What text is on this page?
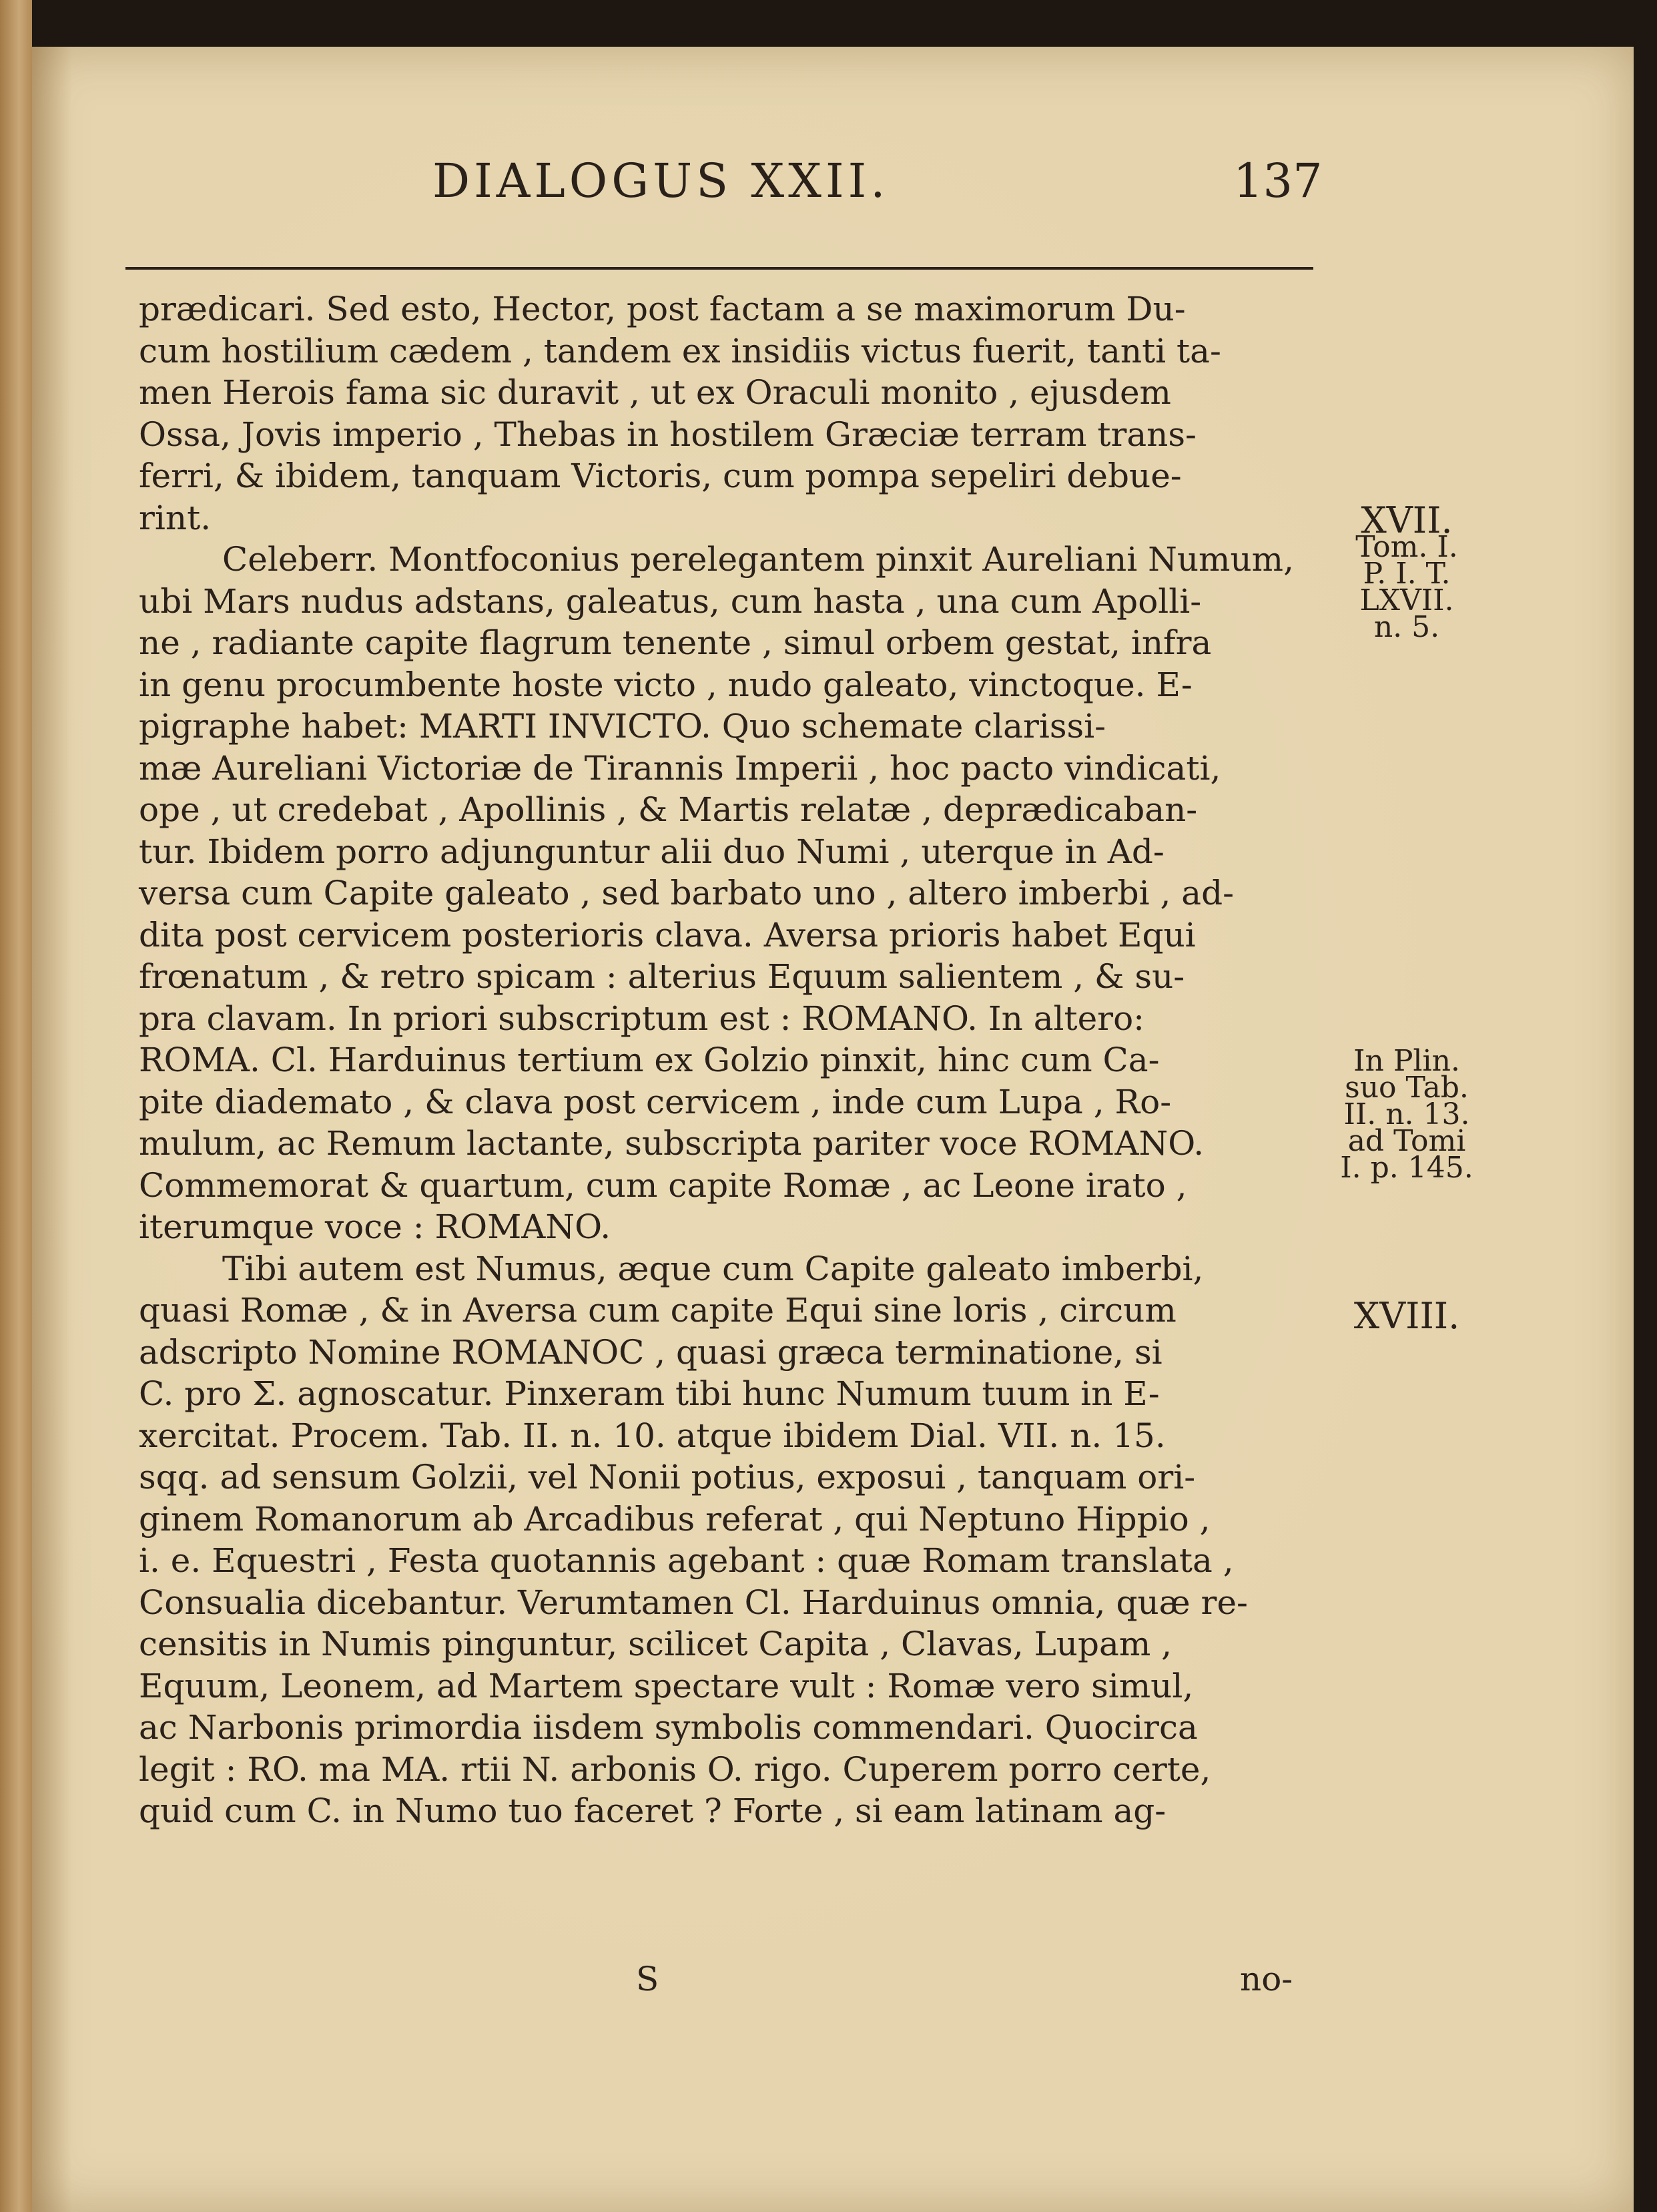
DIALOGUS XXII.	137
prædicari. Sed esto, Hector, post factam a se maximorum Du-
cum hostilium cædem , tandem ex insidiis victus fuerit, tanti ta-
men Herois fama sic duravit , ut ex Oraculi monito , ejusdem
Ossa, Jovis imperio , Thebas in hostilem Græciæ terram trans-
ferri, & ibidem, tanquam Victoris, cum pompa sepeliri debue-
rint.
Celeberr. Montfoconius perelegantem pinxit Aureliani Numum,
ubi Mars nudus adstans, galeatus, cum hasta , una cum Apolli-
ne , radiante capite flagrum tenente , simul orbem gestat, infra
in genu procumbente hoste victo , nudo galeato, vinctoque. E-
pigraphe habet: MARTI INVICTO. Quo schemate clarissi-
mæ Aureliani Victoriæ de Tirannis Imperii , hoc pacto vindicati,
ope , ut credebat , Apollinis , & Martis relatæ , deprædicaban-
tur. Ibidem porro adjunguntur alii duo Numi , uterque in Ad-
versa cum Capite galeato , sed barbato uno , altero imberbi , ad-
dita post cervicem posterioris clava. Aversa prioris habet Equi
frœnatum , & retro spicam : alterius Equum salientem , & su-
pra clavam. In priori subscriptum est : ROMANO. In altero:
ROMA. Cl. Harduinus tertium ex Golzio pinxit, hinc cum Ca-
pite diademato , & clava post cervicem , inde cum Lupa , Ro-
mulum, ac Remum lactante, subscripta pariter voce ROMANO.
Commemorat & quartum, cum capite Romæ , ac Leone irato ,
iterumque voce : ROMANO.
Tibi autem est Numus, æque cum Capite galeato imberbi,
quasi Romæ , & in Aversa cum capite Equi sine loris , circum
adscripto Nomine ROMANOC , quasi græca terminatione, si
C. pro Σ. agnoscatur. Pinxeram tibi hunc Numum tuum in E-
xercitat. Procem. Tab. II. n. 10. atque ibidem Dial. VII. n. 15.
sqq. ad sensum Golzii, vel Nonii potius, exposui , tanquam ori-
ginem Romanorum ab Arcadibus referat , qui Neptuno Hippio ,
i. e. Equestri , Festa quotannis agebant : quæ Romam translata ,
Consualia dicebantur. Verumtamen Cl. Harduinus omnia, quæ re-
censitis in Numis pinguntur, scilicet Capita , Clavas, Lupam ,
Equum, Leonem, ad Martem spectare vult : Romæ vero simul,
ac Narbonis primordia iisdem symbolis commendari. Quocirca
legit : RO. ma MA. rtii N. arbonis O. rigo. Cuperem porro certe,
quid cum C. in Numo tuo faceret ? Forte , si eam latinam ag-
XVII.
Tom. I.
P. I. T.
LXVII.
n. 5.
In Plin.
suo Tab.
II. n. 13.
ad Tomi
I. p. 145.
XVIII.
S	no-
